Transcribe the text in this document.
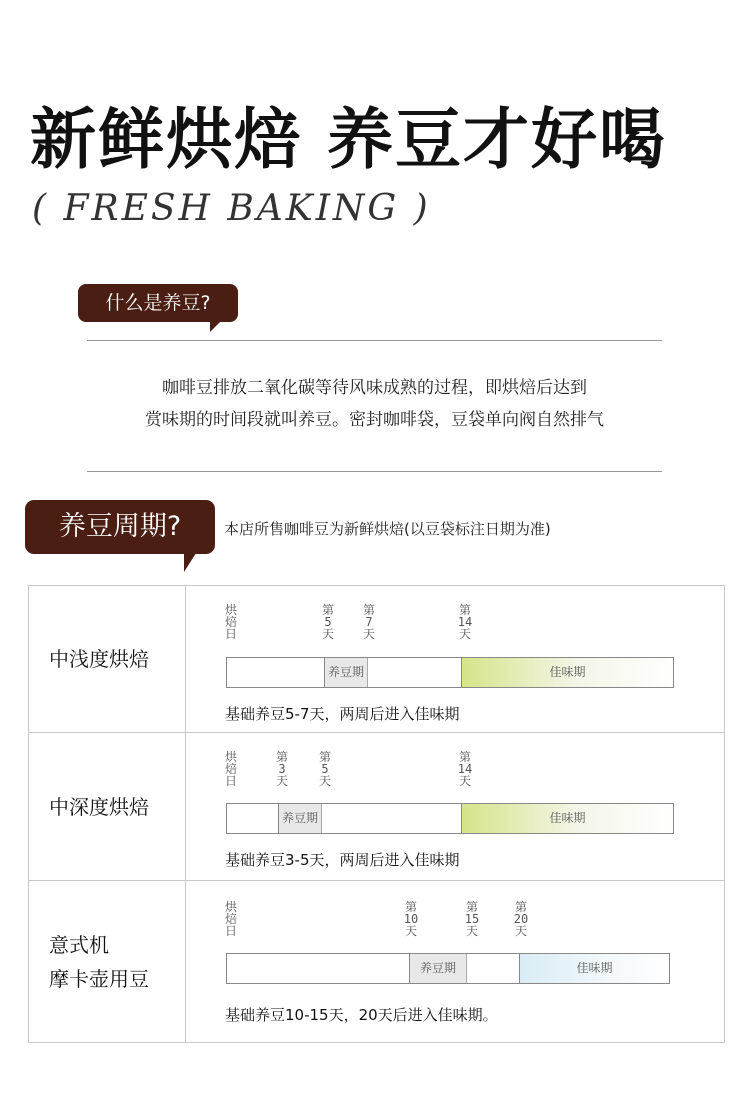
新鲜烘焙 养豆才好喝
( FRESH BAKING )
什么是养豆?
咖啡豆排放二氧化碳等待风味成熟的过程，即烘焙后达到
赏味期的时间段就叫养豆。密封咖啡袋，豆袋单向阀自然排气
养豆周期?	本店所售咖啡豆为新鲜烘焙(以豆袋标注日期为准)
中浅度烘焙
烘
焙
日
第
5
天
第
7
天
第
14
天
养豆期	佳味期
基础养豆5-7天，两周后进入佳味期
中深度烘焙
烘
焙
日
第
3
天
第
5
天
第
14
天
养豆期	佳味期
基础养豆3-5天，两周后进入佳味期
意式机
摩卡壶用豆
烘
焙
日
第
10
天
第
15
天
第
20
天
养豆期	佳味期
基础养豆10-15天，20天后进入佳味期。
